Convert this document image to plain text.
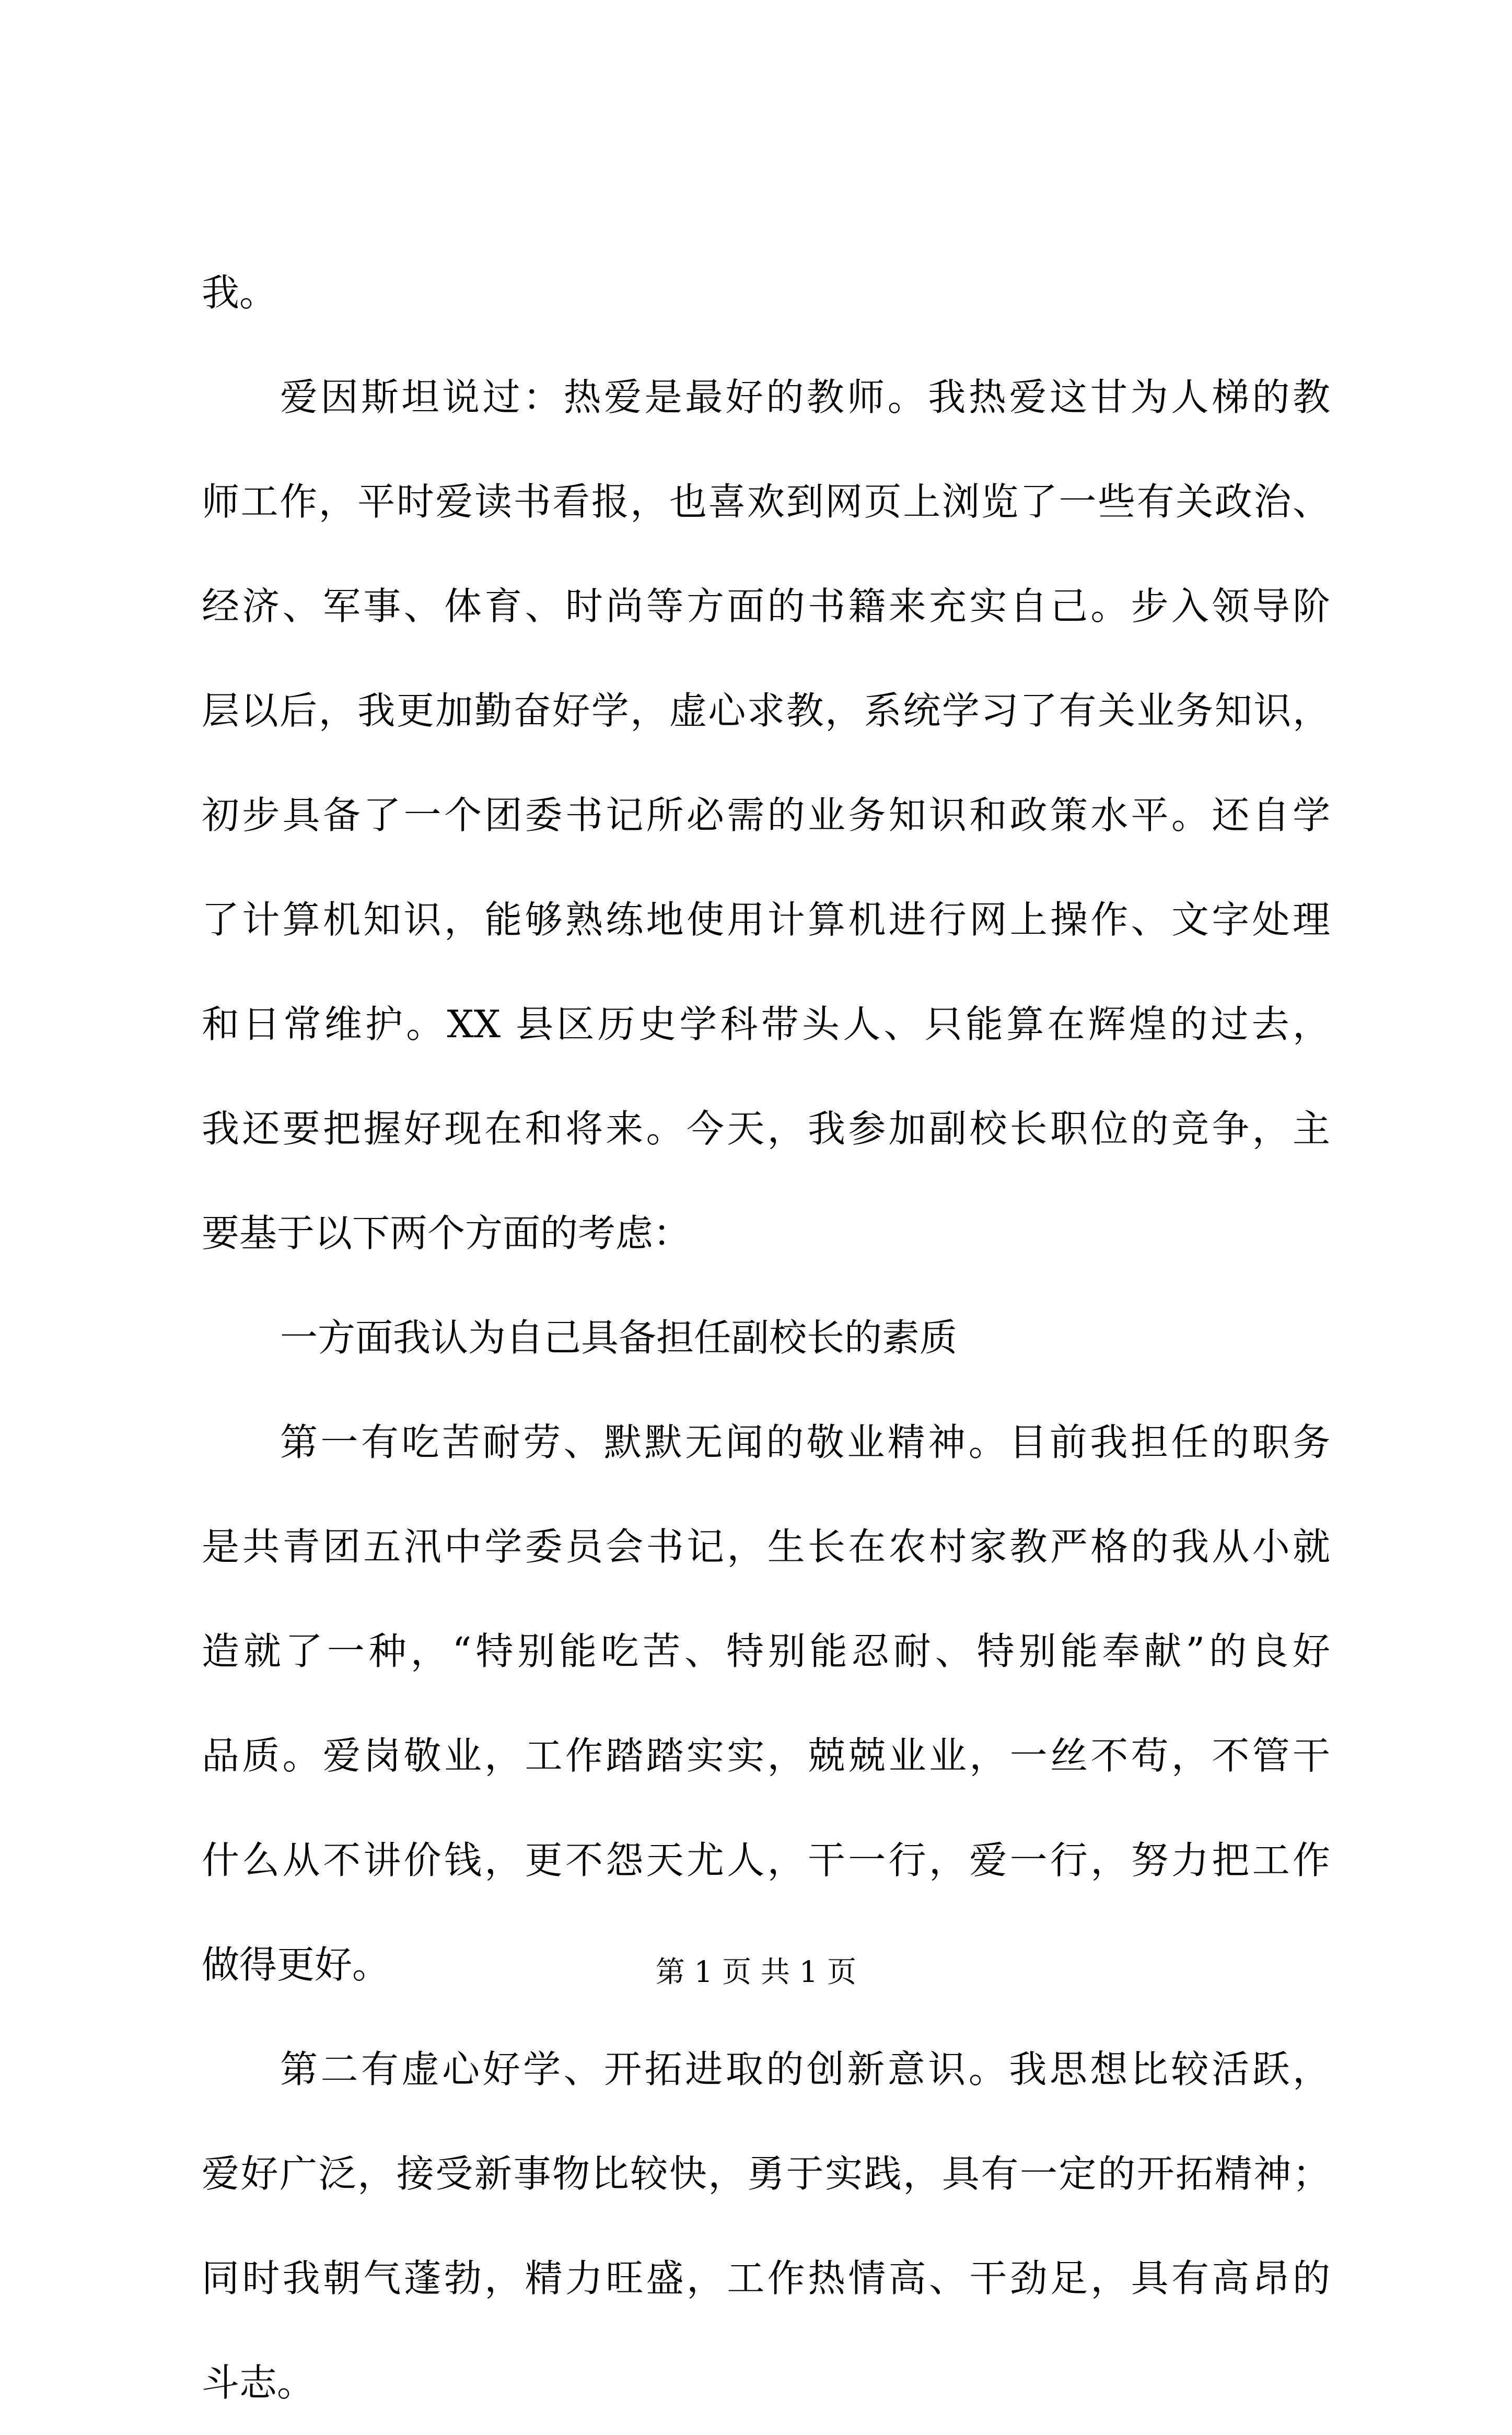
我。
爱因斯坦说过：热爱是最好的教师。我热爱这甘为人梯的教
师工作，平时爱读书看报，也喜欢到网页上浏览了一些有关政治、
经济、军事、体育、时尚等方面的书籍来充实自己。步入领导阶
层以后，我更加勤奋好学，虚心求教，系统学习了有关业务知识，
初步具备了一个团委书记所必需的业务知识和政策水平。还自学
了计算机知识，能够熟练地使用计算机进行网上操作、文字处理
和日常维护。XX 县区历史学科带头人、只能算在辉煌的过去，
我还要把握好现在和将来。今天，我参加副校长职位的竞争，主
要基于以下两个方面的考虑：
一方面我认为自己具备担任副校长的素质
第一有吃苦耐劳、默默无闻的敬业精神。目前我担任的职务
是共青团五汛中学委员会书记，生长在农村家教严格的我从小就
造就了一种，“特别能吃苦、特别能忍耐、特别能奉献”的良好
品质。爱岗敬业，工作踏踏实实，兢兢业业，一丝不苟，不管干
什么从不讲价钱，更不怨天尤人，干一行，爱一行，努力把工作
做得更好。
第二有虚心好学、开拓进取的创新意识。我思想比较活跃，
爱好广泛，接受新事物比较快，勇于实践，具有一定的开拓精神；
同时我朝气蓬勃，精力旺盛，工作热情高、干劲足，具有高昂的
斗志。
第 1 页 共 1 页
